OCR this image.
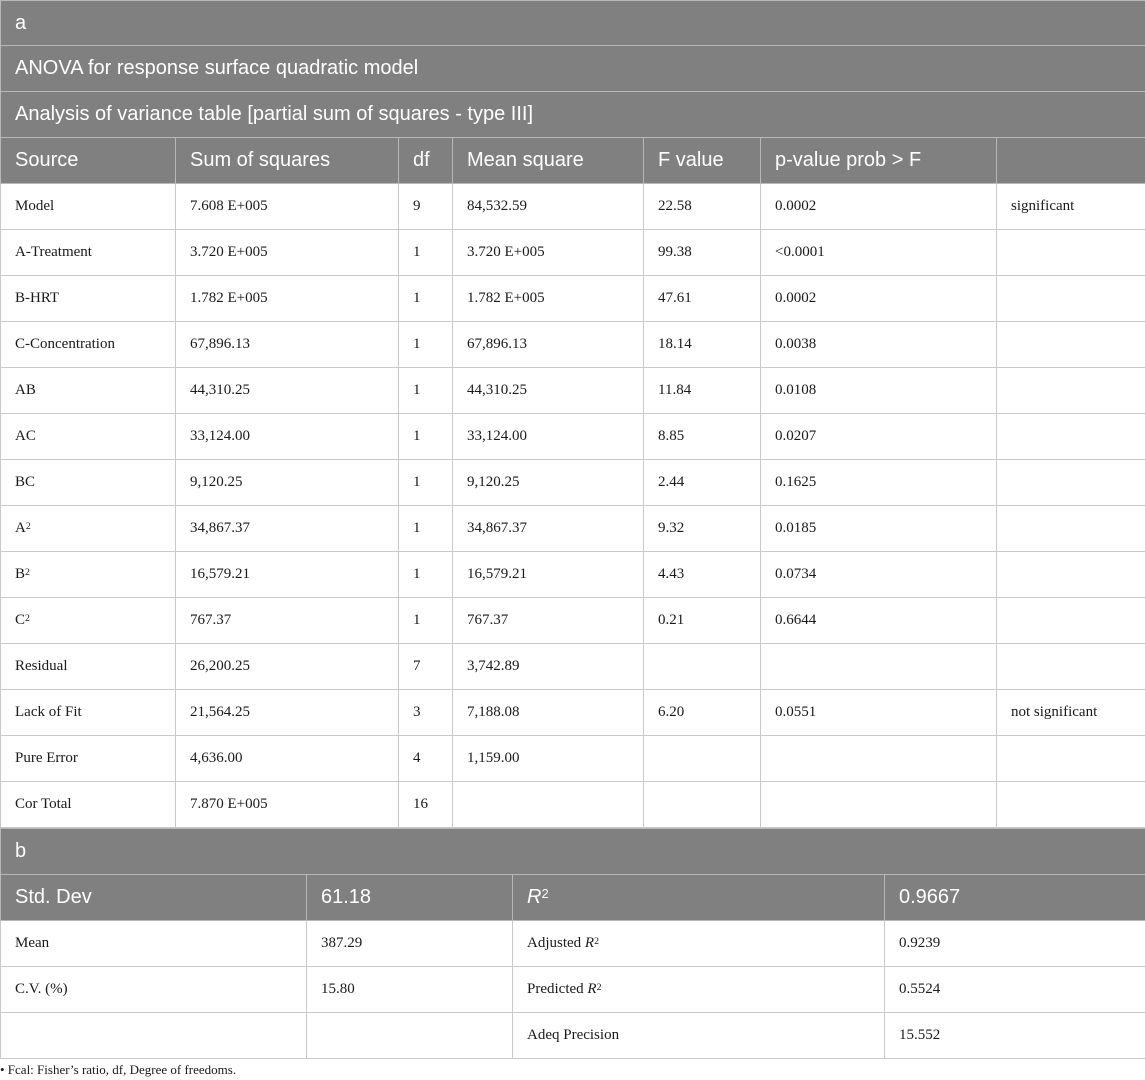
a						
ANOVA for response surface quadratic model						
Analysis of variance table [partial sum of squares - type III]						
Source	Sum of squares	df	Mean square	F value	p-value prob > F	
Model	7.608 E+005	9	84,532.59	22.58	0.0002	significant
A-Treatment	3.720 E+005	1	3.720 E+005	99.38	<0.0001	
B-HRT	1.782 E+005	1	1.782 E+005	47.61	0.0002	
C-Concentration	67,896.13	1	67,896.13	18.14	0.0038	
AB	44,310.25	1	44,310.25	11.84	0.0108	
AC	33,124.00	1	33,124.00	8.85	0.0207	
BC	9,120.25	1	9,120.25	2.44	0.1625	
$A^2$	34,867.37	1	34,867.37	9.32	0.0185	
$B^2$	16,579.21	1	16,579.21	4.43	0.0734	
$C^2$	767.37	1	767.37	0.21	0.6644	
Residual	26,200.25	7	3,742.89			
Lack of Fit	21,564.25	3	7,188.08	6.20	0.0551	not significant
Pure Error	4,636.00	4	1,159.00			
Cor Total	7.870 E+005	16				
b			
Std. Dev	61.18	$R^2$	0.9667
Mean	387.29	Adjusted $R^2$	0.9239
C.V. (%)	15.80	Predicted $R^2$	0.5524
		Adeq Precision	15.552
• Fcal: Fisher’s ratio, df, Degree of freedoms.
